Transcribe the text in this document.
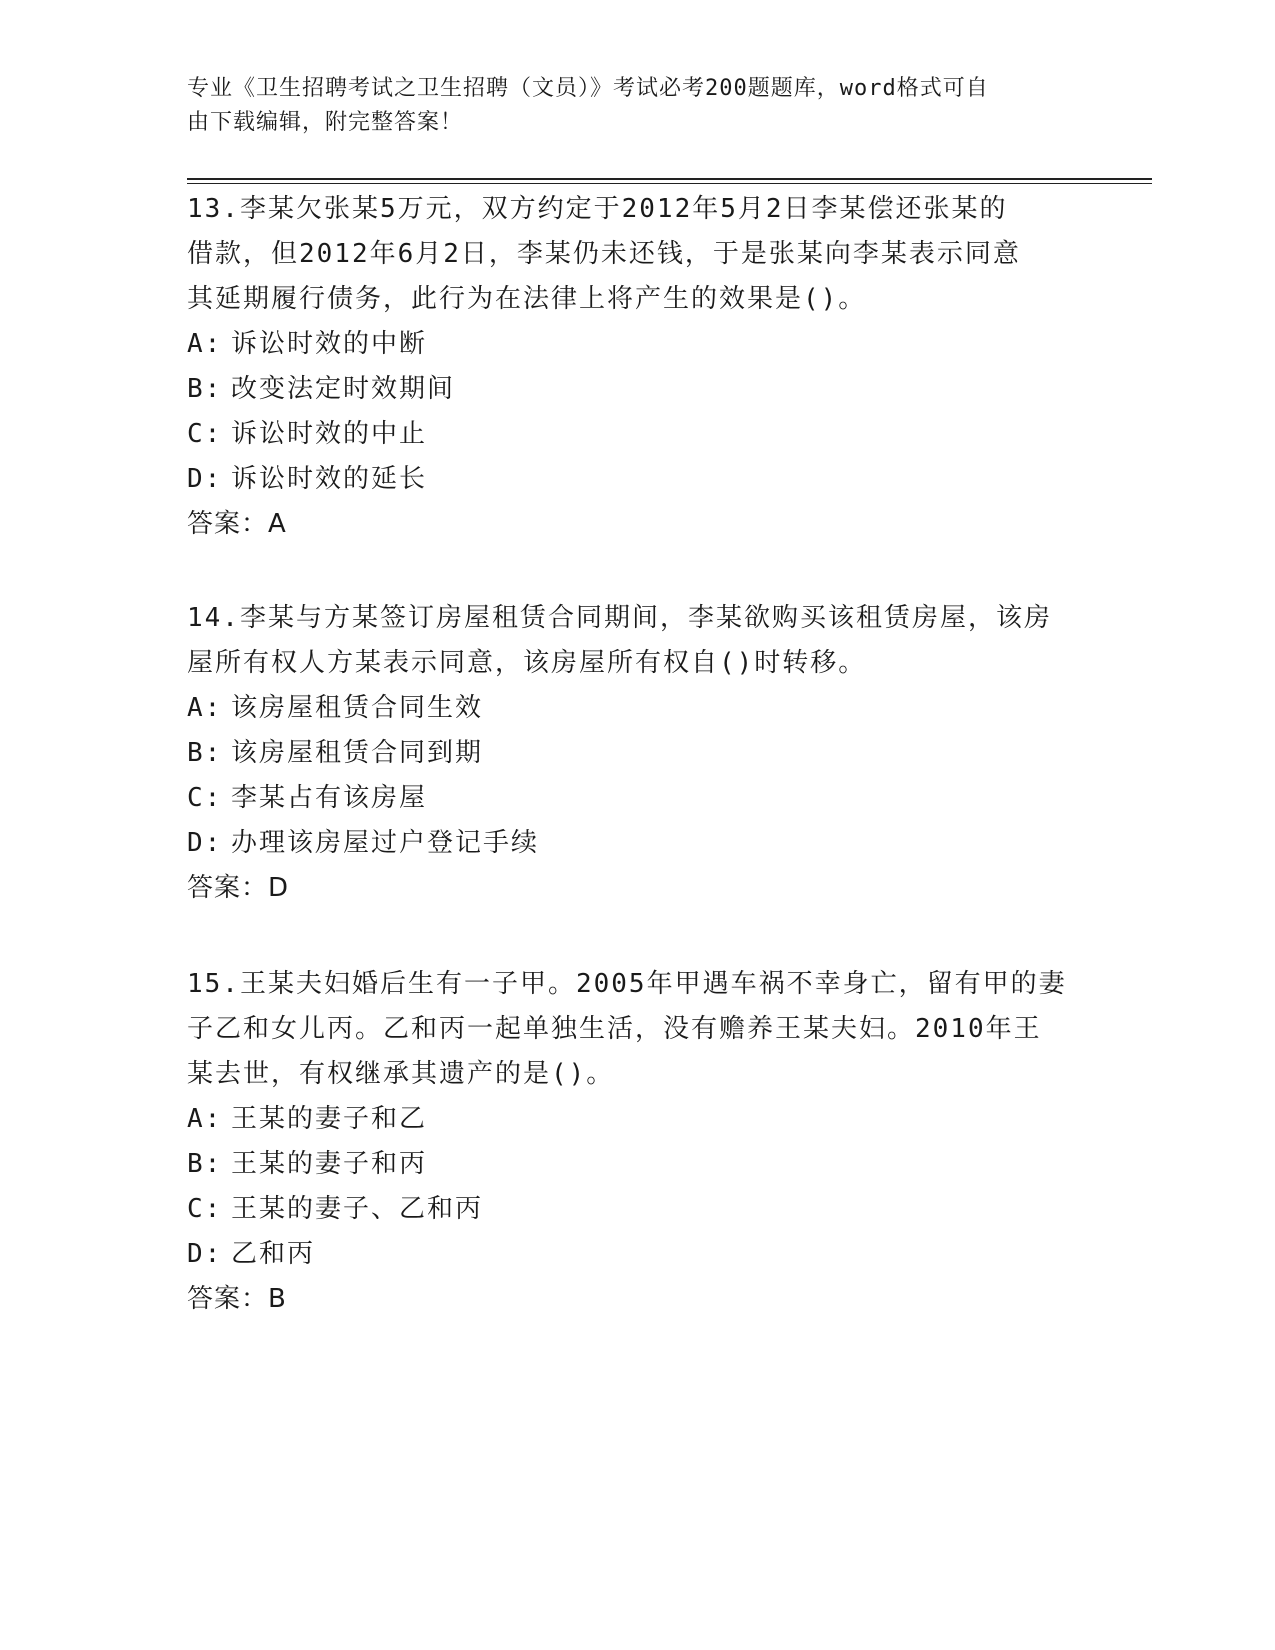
专业《卫生招聘考试之卫生招聘（文员）》考试必考200题题库，word格式可自
由下载编辑，附完整答案！
13.李某欠张某5万元，双方约定于2012年5月2日李某偿还张某的
借款，但2012年6月2日，李某仍未还钱，于是张某向李某表示同意
其延期履行债务，此行为在法律上将产生的效果是()。
A: 诉讼时效的中断
B: 改变法定时效期间
C: 诉讼时效的中止
D: 诉讼时效的延长
答案：A
14.李某与方某签订房屋租赁合同期间，李某欲购买该租赁房屋，该房
屋所有权人方某表示同意，该房屋所有权自()时转移。
A: 该房屋租赁合同生效
B: 该房屋租赁合同到期
C: 李某占有该房屋
D: 办理该房屋过户登记手续
答案：D
15.王某夫妇婚后生有一子甲。2005年甲遇车祸不幸身亡，留有甲的妻
子乙和女儿丙。乙和丙一起单独生活，没有赡养王某夫妇。2010年王
某去世，有权继承其遗产的是()。
A: 王某的妻子和乙
B: 王某的妻子和丙
C: 王某的妻子、乙和丙
D: 乙和丙
答案：B
